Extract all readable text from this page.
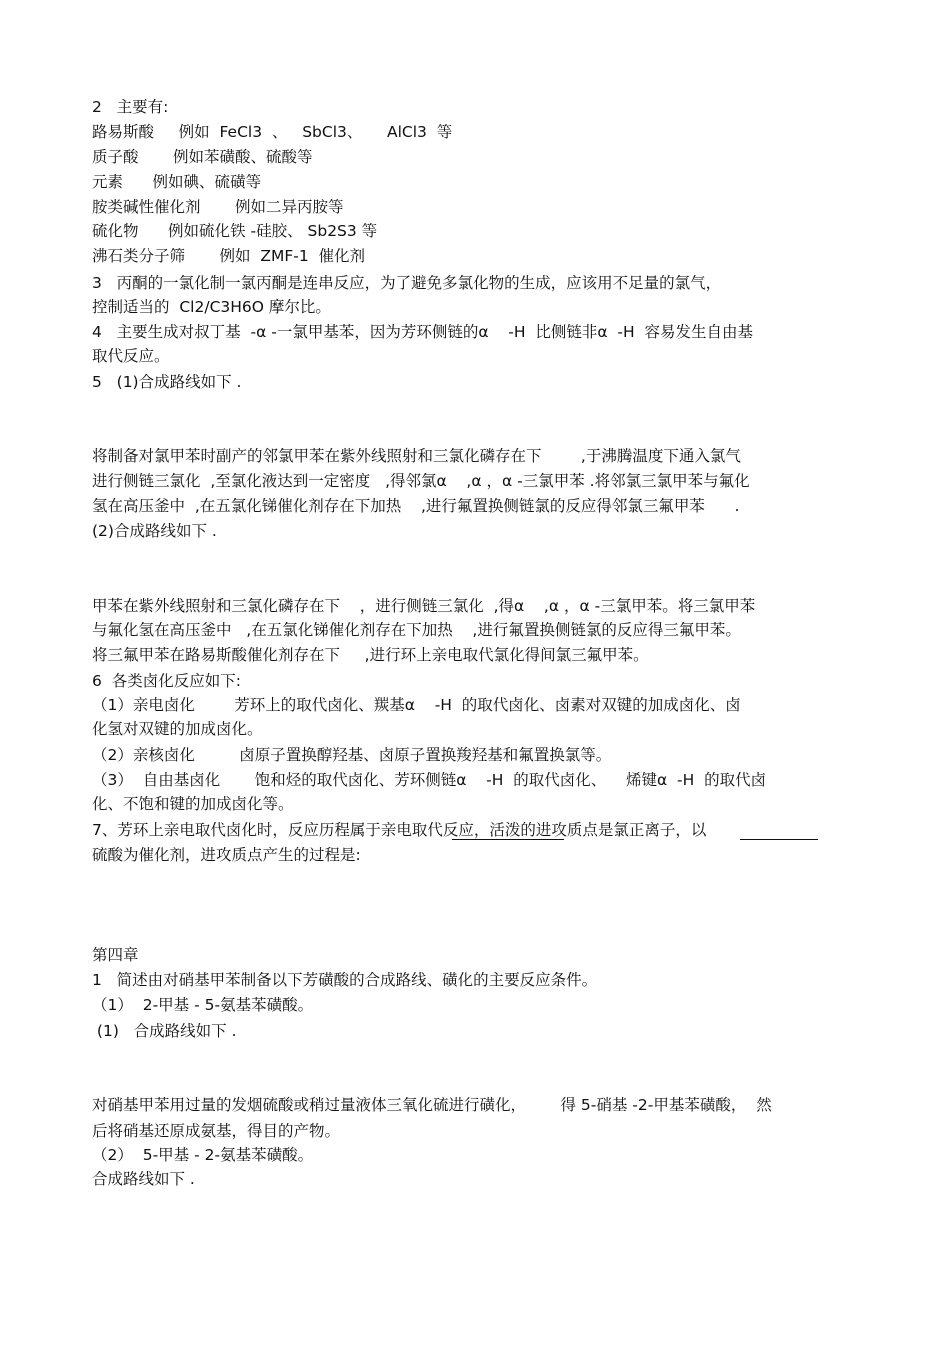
2   主要有:
路易斯酸     例如  FeCl3  、   SbCl3、     AlCl3  等
质子酸       例如苯磺酸、硫酸等
元素      例如碘、硫磺等
胺类碱性催化剂       例如二异丙胺等
硫化物      例如硫化铁 -硅胶、 Sb2S3 等
沸石类分子筛       例如  ZMF-1  催化剂
3   丙酮的一氯化制一氯丙酮是连串反应，为了避免多氯化物的生成，应该用不足量的氯气，
控制适当的  Cl2/C3H6O 摩尔比。
4   主要生成对叔丁基  -α -一氯甲基苯，因为芳环侧链的α    -H  比侧链非α  -H  容易发生自由基
取代反应。
5   (1)合成路线如下 .
将制备对氯甲苯时副产的邻氯甲苯在紫外线照射和三氯化磷存在下        ,于沸腾温度下通入氯气
进行侧链三氯化  ,至氯化液达到一定密度   ,得邻氯α    ,α ，α -三氯甲苯 .将邻氯三氯甲苯与氟化
氢在高压釜中  ,在五氯化锑催化剂存在下加热    ,进行氟置换侧链氯的反应得邻氯三氟甲苯      .
(2)合成路线如下 .
甲苯在紫外线照射和三氯化磷存在下    ，进行侧链三氯化  ,得α    ,α ，α -三氯甲苯。将三氯甲苯
与氟化氢在高压釜中   ,在五氯化锑催化剂存在下加热    ,进行氟置换侧链氯的反应得三氟甲苯。
将三氟甲苯在路易斯酸催化剂存在下     ,进行环上亲电取代氯化得间氯三氟甲苯。
6  各类卤化反应如下:
（1）亲电卤化        芳环上的取代卤化、羰基α    -H  的取代卤化、卤素对双键的加成卤化、卤
化氢对双键的加成卤化。
（2）亲核卤化         卤原子置换醇羟基、卤原子置换羧羟基和氟置换氯等。
（3）  自由基卤化       饱和烃的取代卤化、芳环侧链α    -H  的取代卤化、    烯键α  -H  的取代卤
化、不饱和键的加成卤化等。
7、芳环上亲电取代卤化时，反应历程属于亲电取代反应，活泼的进攻质点是氯正离子，以
硫酸为催化剂，进攻质点产生的过程是:
第四章
1   简述由对硝基甲苯制备以下芳磺酸的合成路线、磺化的主要反应条件。
（1）  2-甲基 - 5-氨基苯磺酸。
(1)   合成路线如下 .
对硝基甲苯用过量的发烟硫酸或稍过量液体三氧化硫进行磺化，       得 5-硝基 -2-甲基苯磺酸，  然
后将硝基还原成氨基，得目的产物。
（2）  5-甲基 - 2-氨基苯磺酸。
合成路线如下 .
